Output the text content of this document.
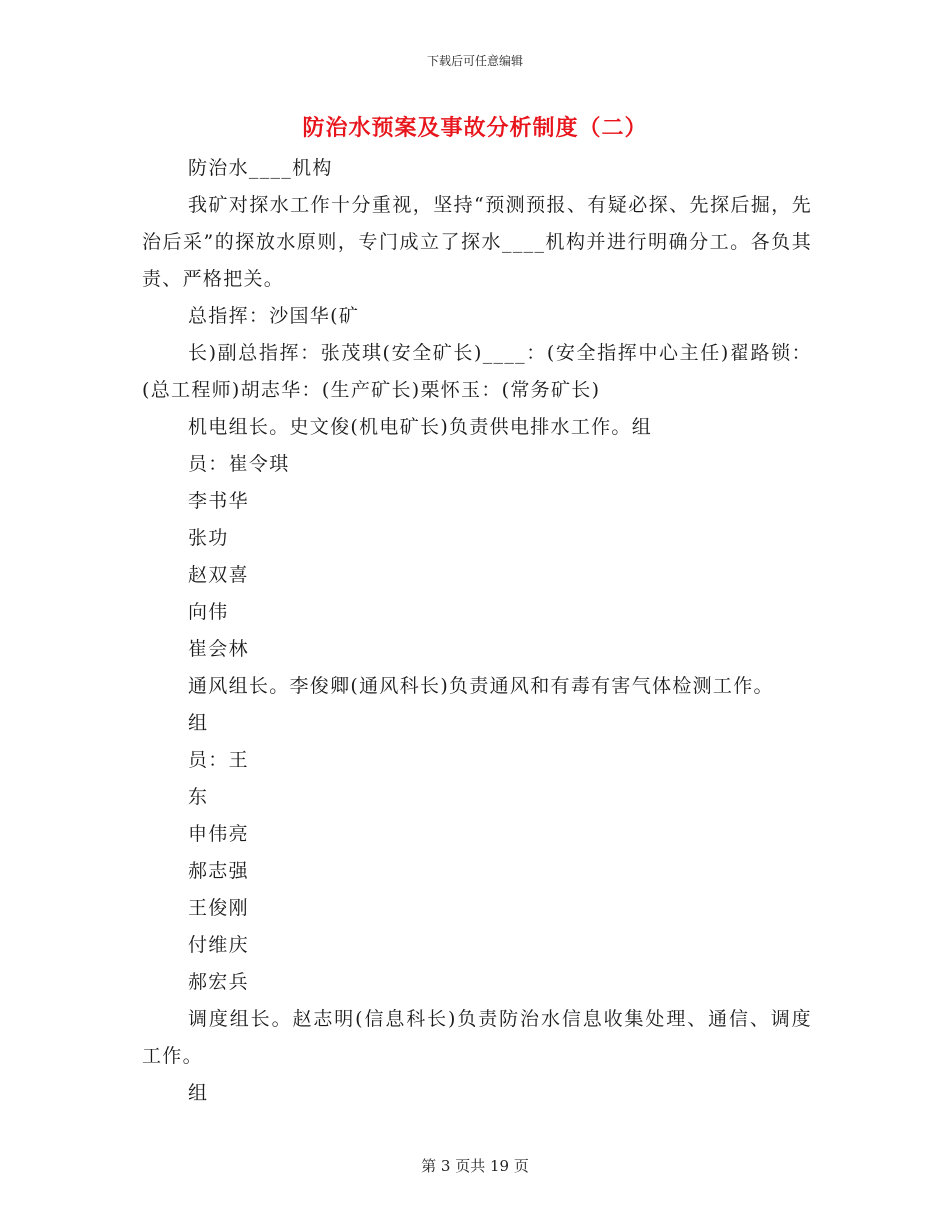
下载后可任意编辑
防治水预案及事故分析制度（二）

防治水____机构

我矿对探水工作十分重视，坚持“预测预报、有疑必探、先探后掘，先治后采”的探放水原则，专门成立了探水____机构并进行明确分工。各负其责、严格把关。

总指挥：沙国华(矿

长)副总指挥：张茂琪(安全矿长)____：(安全指挥中心主任)翟路锁：(总工程师)胡志华：(生产矿长)栗怀玉：(常务矿长)

机电组长。史文俊(机电矿长)负责供电排水工作。组

员：崔令琪

李书华

张功

赵双喜

向伟

崔会林

通风组长。李俊卿(通风科长)负责通风和有毒有害气体检测工作。

组

员：王

东

申伟亮

郝志强

王俊刚

付维庆

郝宏兵

调度组长。赵志明(信息科长)负责防治水信息收集处理、通信、调度工作。

组

第 3 页共 19 页
